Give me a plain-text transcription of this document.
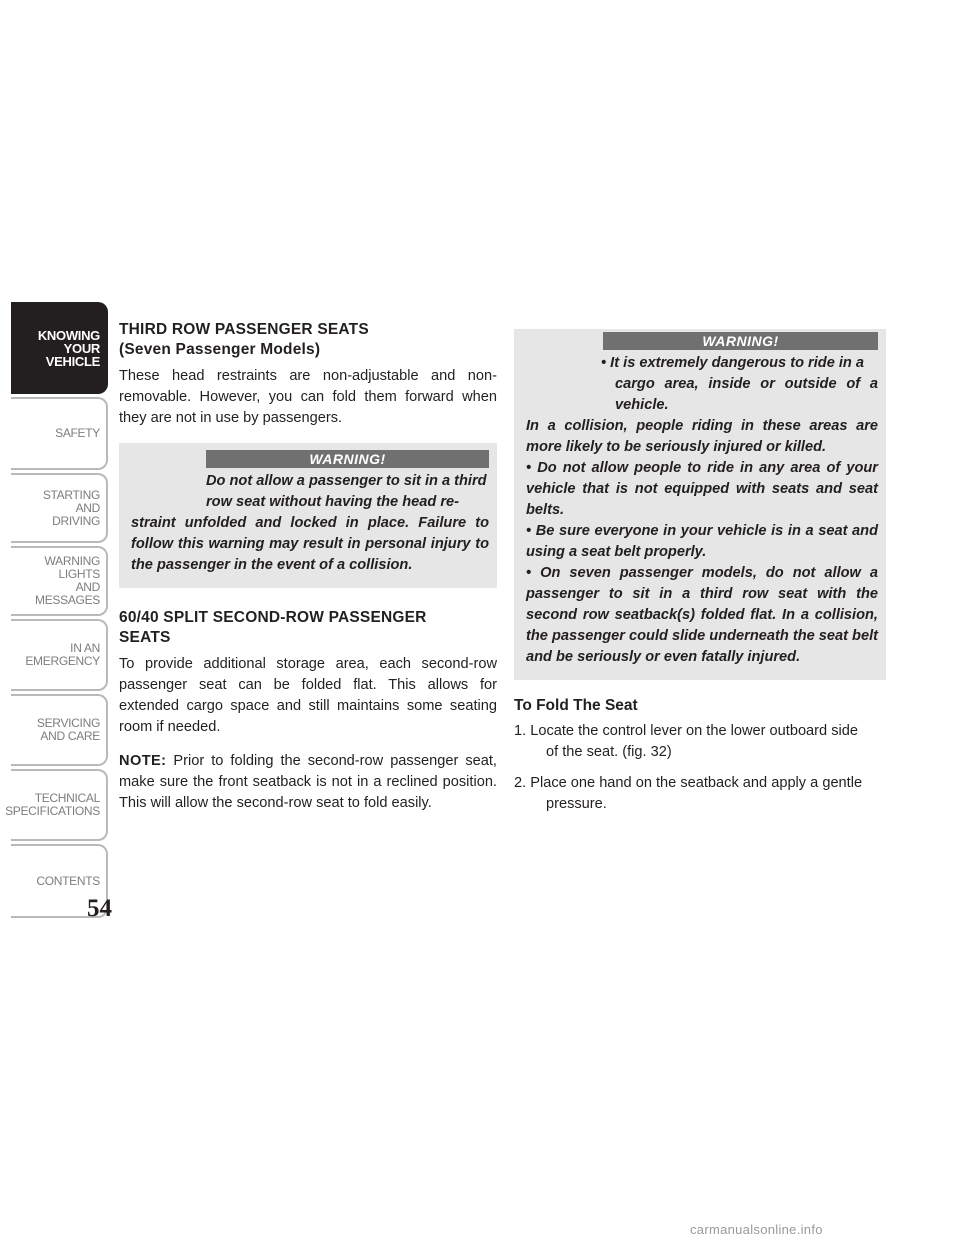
KNOWING
YOUR
VEHICLE
SAFETY
STARTING
AND
DRIVING
WARNING
LIGHTS
AND
MESSAGES
IN AN
EMERGENCY
SERVICING
AND CARE
TECHNICAL
SPECIFICATIONS
CONTENTS
54
THIRD ROW PASSENGER SEATS
(Seven Passenger Models)

These head restraints are non-adjustable and non-removable. However, you can fold them forward when they are not in use by passengers.

WARNING!
Do not allow a passenger to sit in a third
row seat without having the head re-
straint unfolded and locked in place. Failure to follow this warning may result in personal injury to the passenger in the event of a collision.
60/40 SPLIT SECOND-ROW PASSENGER
SEATS

To provide additional storage area, each second-row passenger seat can be folded flat. This allows for extended cargo space and still maintains some seating room if needed.

NOTE: Prior to folding the second-row passenger seat, make sure the front seatback is not in a reclined position. This will allow the second-row seat to fold easily.

WARNING!
• It is extremely dangerous to ride in a
cargo area, inside or outside of a vehicle.
In a collision, people riding in these areas are more likely to be seriously injured or killed.
• Do not allow people to ride in any area of your vehicle that is not equipped with seats and seat belts.
• Be sure everyone in your vehicle is in a seat and using a seat belt properly.
• On seven passenger models, do not allow a passenger to sit in a third row seat with the second row seatback(s) folded flat. In a collision, the passenger could slide underneath the seat belt and be seriously or even fatally injured.
To Fold The Seat
1. Locate the control lever on the lower outboard side
of the seat. (fig. 32)
2. Place one hand on the seatback and apply a gentle
pressure.
carmanualsonline.info
